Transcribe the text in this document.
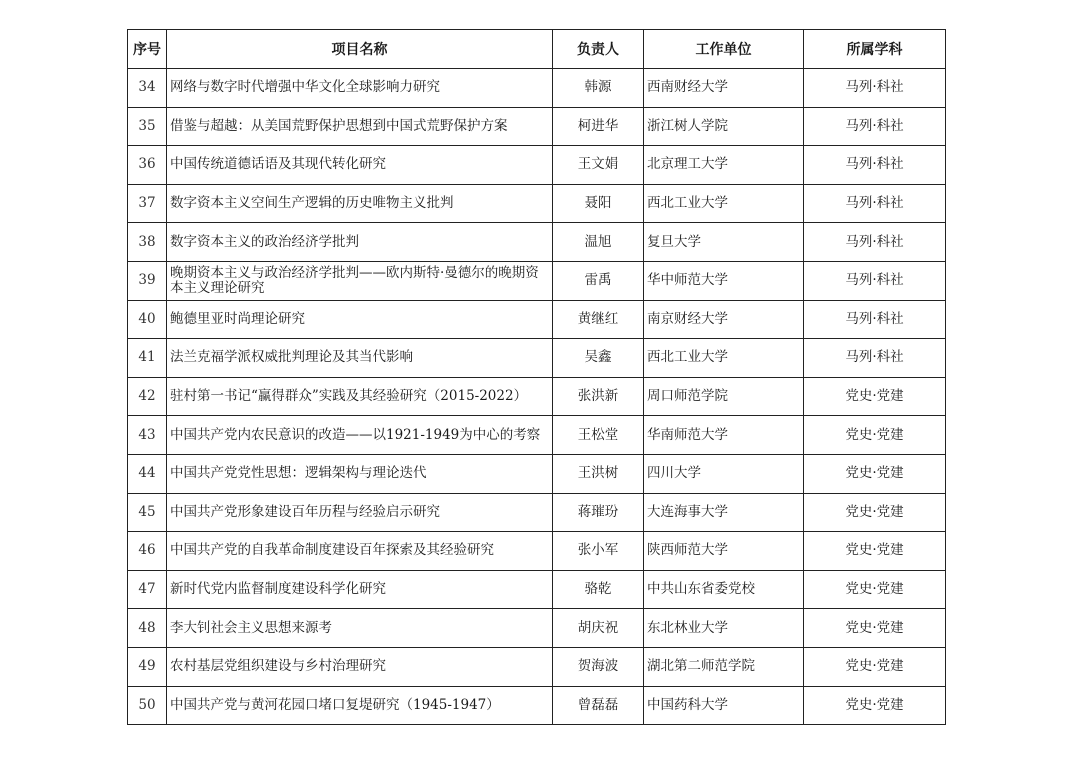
序号	项目名称	负责人	工作单位	所属学科
34	网络与数字时代增强中华文化全球影响力研究	韩源	西南财经大学	马列·科社
35	借鉴与超越：从美国荒野保护思想到中国式荒野保护方案	柯进华	浙江树人学院	马列·科社
36	中国传统道德话语及其现代转化研究	王文娟	北京理工大学	马列·科社
37	数字资本主义空间生产逻辑的历史唯物主义批判	聂阳	西北工业大学	马列·科社
38	数字资本主义的政治经济学批判	温旭	复旦大学	马列·科社
39	晚期资本主义与政治经济学批判——欧内斯特·曼德尔的晚期资本主义理论研究	雷禹	华中师范大学	马列·科社
40	鲍德里亚时尚理论研究	黄继红	南京财经大学	马列·科社
41	法兰克福学派权威批判理论及其当代影响	吴鑫	西北工业大学	马列·科社
42	驻村第一书记“赢得群众”实践及其经验研究（2015-2022）	张洪新	周口师范学院	党史·党建
43	中国共产党内农民意识的改造——以1921-1949为中心的考察	王松堂	华南师范大学	党史·党建
44	中国共产党党性思想：逻辑架构与理论迭代	王洪树	四川大学	党史·党建
45	中国共产党形象建设百年历程与经验启示研究	蒋璀玢	大连海事大学	党史·党建
46	中国共产党的自我革命制度建设百年探索及其经验研究	张小军	陕西师范大学	党史·党建
47	新时代党内监督制度建设科学化研究	骆乾	中共山东省委党校	党史·党建
48	李大钊社会主义思想来源考	胡庆祝	东北林业大学	党史·党建
49	农村基层党组织建设与乡村治理研究	贺海波	湖北第二师范学院	党史·党建
50	中国共产党与黄河花园口堵口复堤研究（1945-1947）	曾磊磊	中国药科大学	党史·党建
